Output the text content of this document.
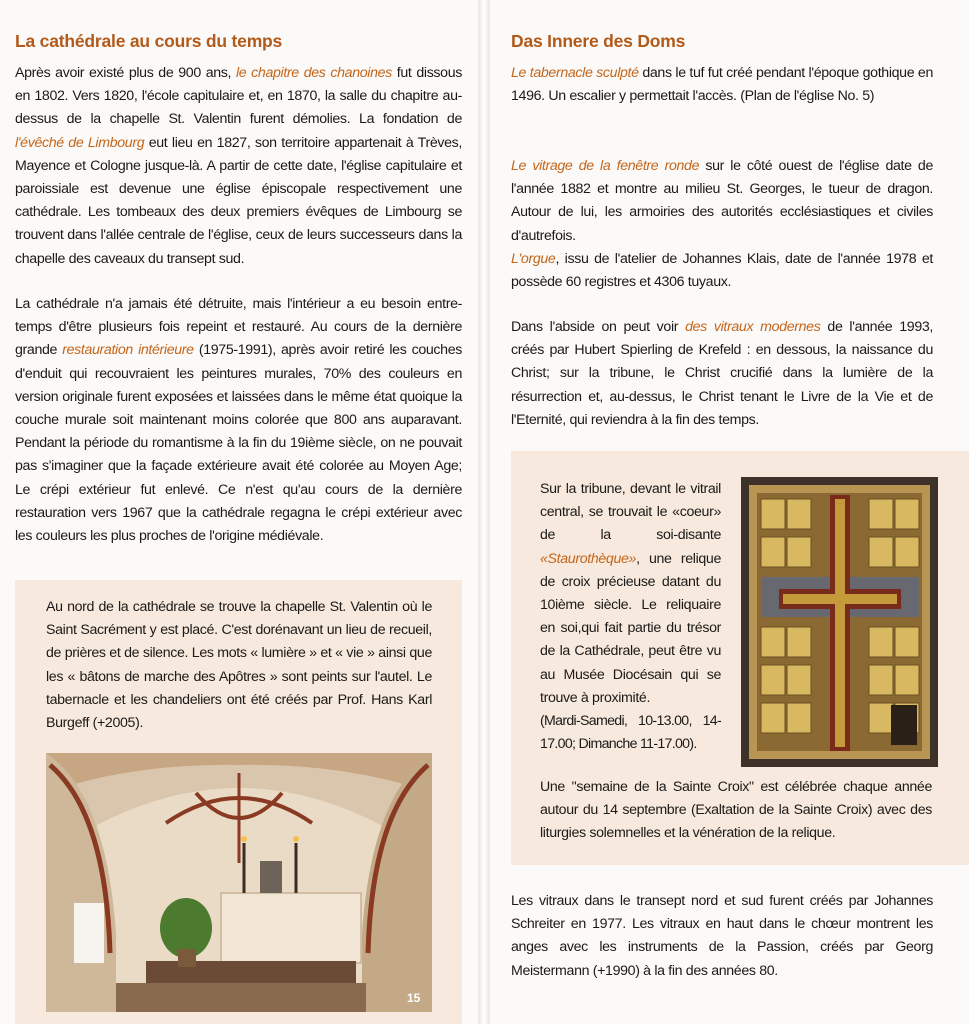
La cathédrale au cours du temps
Après avoir existé plus de 900 ans, le chapitre des chanoines fut dissous en 1802. Vers 1820, l'école capitulaire et, en 1870, la salle du chapitre au-dessus de la chapelle St. Valentin furent démolies. La fondation de l'évêché de Limbourg eut lieu en 1827, son territoire appartenait à Trèves, Mayence et Cologne jusque-là. A partir de cette date, l'église capitulaire et paroissiale est devenue une église épiscopale respectivement une cathédrale. Les tombeaux des deux premiers évêques de Limbourg se trouvent dans l'allée centrale de l'église, ceux de leurs successeurs dans la chapelle des caveaux du transept sud.
La cathédrale n'a jamais été détruite, mais l'intérieur a eu besoin entre-temps d'être plusieurs fois repeint et restauré. Au cours de la dernière grande restauration intérieure (1975-1991), après avoir retiré les couches d'enduit qui recouvraient les peintures murales, 70% des couleurs en version originale furent exposées et laissées dans le même état quoique la couche murale soit maintenant moins colorée que 800 ans auparavant. Pendant la période du romantisme à la fin du 19ième siècle, on ne pouvait pas s'imaginer que la façade extérieure avait été colorée au Moyen Age; Le crépi extérieur fut enlevé. Ce n'est qu'au cours de la dernière restauration vers 1967 que la cathédrale regagna le crépi extérieur avec les couleurs les plus proches de l'origine médiévale.
Au nord de la cathédrale se trouve la chapelle St. Valentin où le Saint Sacrément y est placé. C'est dorénavant un lieu de recueil, de prières et de silence. Les mots « lumière » et « vie » ainsi que les « bâtons de marche des Apôtres » sont peints sur l'autel. Le tabernacle et les chandeliers ont été créés par Prof. Hans Karl Burgeff (+2005).
15
Das Innere des Doms
Le tabernacle sculpté dans le tuf fut créé pendant l'époque gothique en 1496. Un escalier y permettait l'accès. (Plan de l'église No. 5)
Le vitrage de la fenêtre ronde sur le côté ouest de l'église date de l'année 1882 et montre au milieu St. Georges, le tueur de dragon. Autour de lui, les armoiries des autorités ecclésiastiques et civiles d'autrefois.
L'orgue, issu de l'atelier de Johannes Klais, date de l'année 1978 et possède 60 registres et 4306 tuyaux.
Dans l'abside on peut voir des vitraux modernes de l'année 1993, créés par Hubert Spierling de Krefeld : en dessous, la naissance du Christ; sur la tribune, le Christ crucifié dans la lumière de la résurrection et, au-dessus, le Christ tenant le Livre de la Vie et de l'Eternité, qui reviendra à la fin des temps.
Sur la tribune, devant le vitrail central, se trouvait le «coeur» de la soi-disante «Staurothèque», une relique de croix précieuse datant du 10ième siècle. Le reliquaire en soi,qui fait partie du trésor de la Cathédrale, peut être vu au Musée Diocésain qui se trouve à proximité.
(Mardi-Samedi, 10-13.00, 14-17.00; Dimanche 11-17.00).
Une "semaine de la Sainte Croix" est célébrée chaque année autour du 14 septembre (Exaltation de la Sainte Croix) avec des liturgies solemnelles et la vénération de la relique.
Les vitraux dans le transept nord et sud furent créés par Johannes Schreiter en 1977. Les vitraux en haut dans le chœur montrent les anges avec les instruments de la Passion, créés par Georg Meistermann (+1990) à la fin des années 80.
